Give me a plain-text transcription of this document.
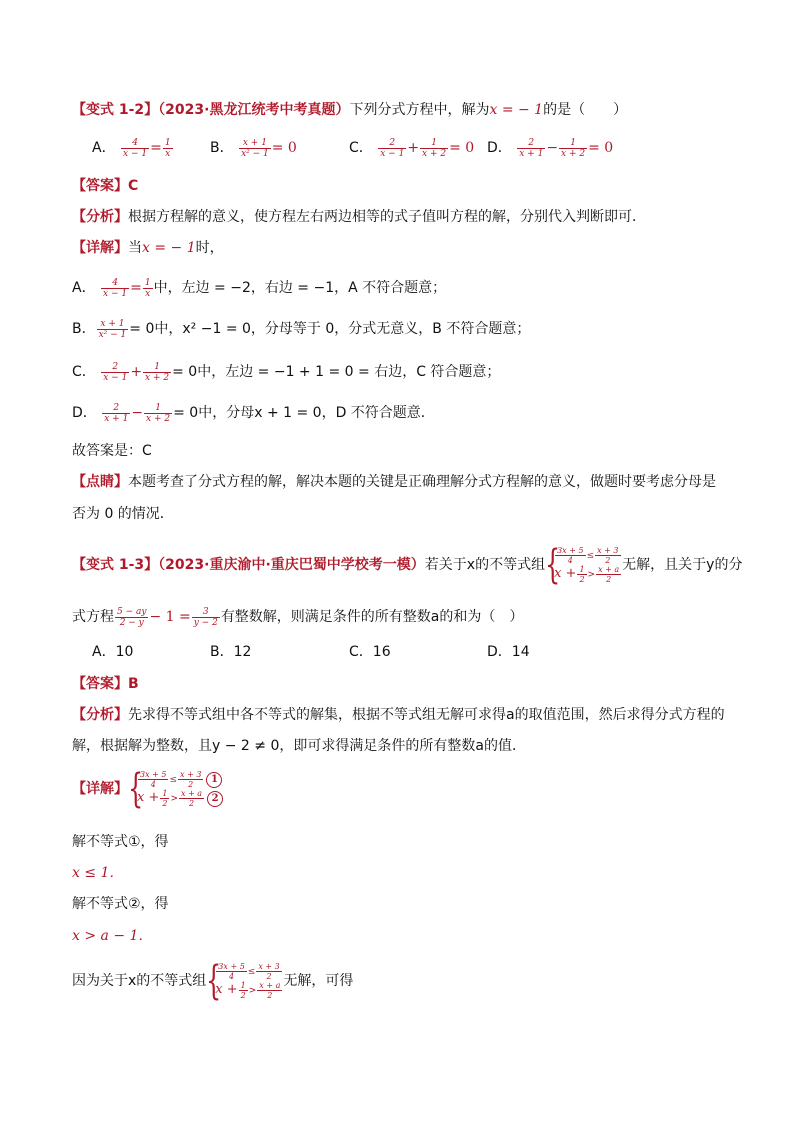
【变式 1-2】（2023·黑龙江统考中考真题）下列分式方程中，解为x = − 1的是（　　）
A． $\frac{4}{x - 1} = \frac{1}{x}$	B． $\frac{x + 1}{\text{x² − 1}} = 0$	C． $\frac{2}{x - 1} + \frac{1}{x + 2} = 0$ D． $\frac{2}{x + 1} - \frac{1}{x + 2} = 0$
【答案】C
【分析】根据方程解的意义，使方程左右两边相等的式子值叫方程的解，分别代入判断即可．
【详解】当x = − 1时，
A． $\frac{4}{x - 1} = \frac{1}{x}$ 中，左边 = −2，右边 = −1，A 不符合题意；
B． $\frac{x + 1}{\text{x² − 1}} = 0$中，x² −1 = 0，分母等于 0，分式无意义，B 不符合题意；
C． $\frac{2}{x - 1} + \frac{1}{x + 2} = 0$中，左边 = −1 + 1 = 0 = 右边，C 符合题意；
D． $\frac{2}{x + 1} - \frac{1}{x + 2} = 0$中，分母x + 1 = 0，D 不符合题意．
故答案是：C
【点睛】本题考查了分式方程的解，解决本题的关键是正确理解分式方程解的意义，做题时要考虑分母是
否为 0 的情况．
【变式 1-3】（2023·重庆渝中·重庆巴蜀中学校考一模）若关于x的不等式组 {
$\frac{3x + 5}{4} \le \frac{x + 3}{2}$
$x + \frac{1}{2} > \frac{x + a}{2}$ 无解，且关于y的分
式方程 $\frac{5 - ay}{2 - y} - 1 = \frac{3}{y - 2}$ 有整数解，则满足条件的所有整数a的和为（　）
A．10	B．12	C．16	D．14
【答案】B
【分析】先求得不等式组中各不等式的解集，根据不等式组无解可求得a的取值范围，然后求得分式方程的
解，根据解为整数，且y − 2 ≠ 0，即可求得满足条件的所有整数a的值．
【详解】 {
$\frac{3x + 5}{4} \le \frac{x + 3}{2} 1$
$x + \frac{1}{2} > \frac{x + a}{2} 2$
解不等式①，得
x ≤ 1．
解不等式②，得
x > a − 1．
因为关于x的不等式组 {
$\frac{3x + 5}{4} \le \frac{x + 3}{2}$
$x + \frac{1}{2} > \frac{x + a}{2}$ 无解，可得
